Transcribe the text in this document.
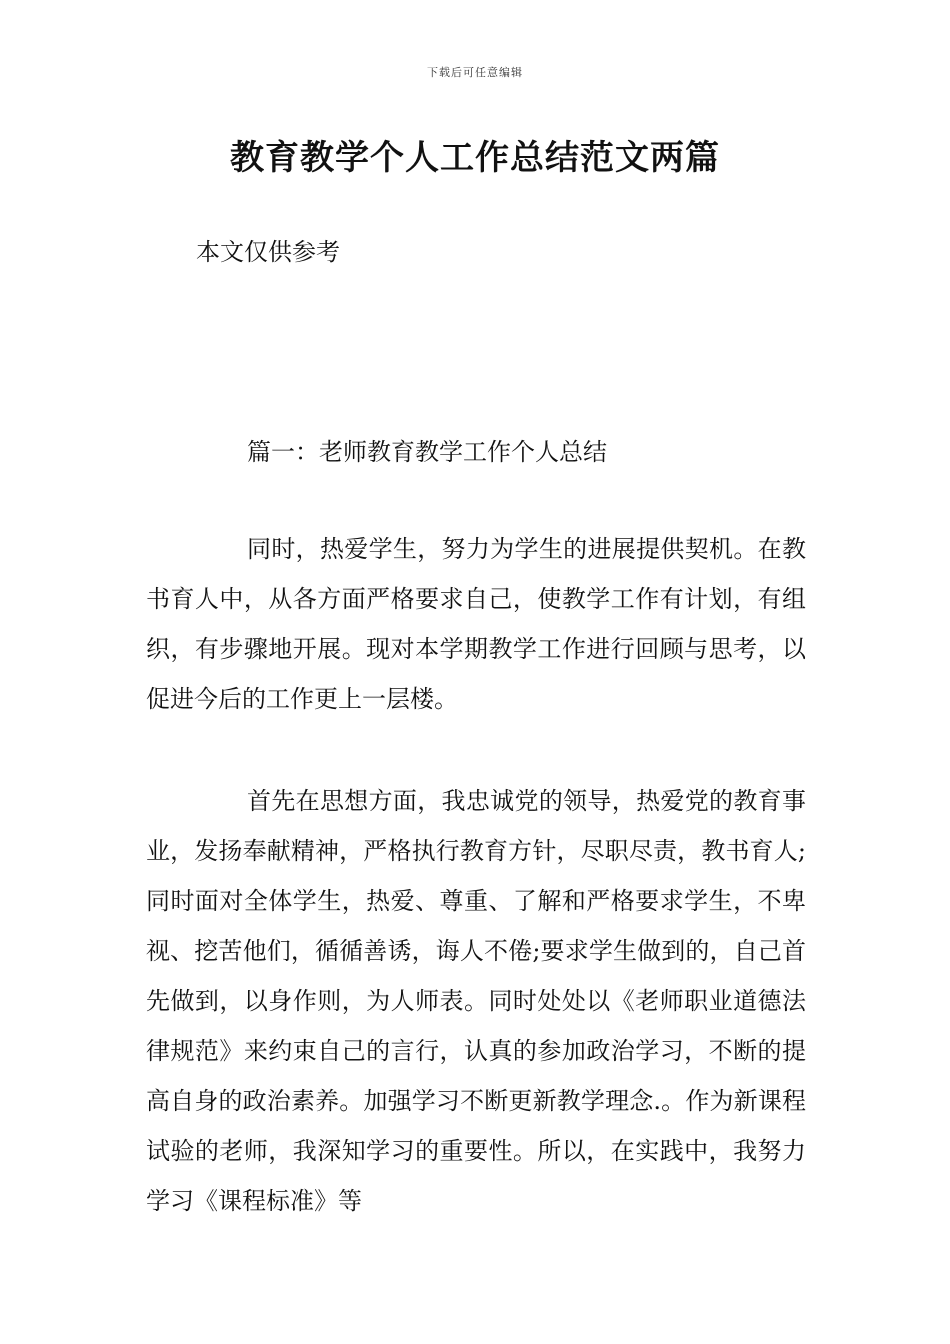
下载后可任意编辑
教育教学个人工作总结范文两篇
本文仅供参考
篇一：老师教育教学工作个人总结

同时，热爱学生，努力为学生的进展提供契机。在教书育人中，从各方面严格要求自己，使教学工作有计划，有组织，有步骤地开展。现对本学期教学工作进行回顾与思考，以促进今后的工作更上一层楼。

首先在思想方面，我忠诚党的领导，热爱党的教育事业，发扬奉献精神，严格执行教育方针，尽职尽责，教书育人;同时面对全体学生，热爱、尊重、了解和严格要求学生，不卑视、挖苦他们，循循善诱，诲人不倦;要求学生做到的，自己首先做到，以身作则，为人师表。同时处处以《老师职业道德法律规范》来约束自己的言行，认真的参加政治学习，不断的提高自身的政治素养。加强学习不断更新教学理念.。作为新课程试验的老师，我深知学习的重要性。所以，在实践中，我努力学习《课程标准》等
